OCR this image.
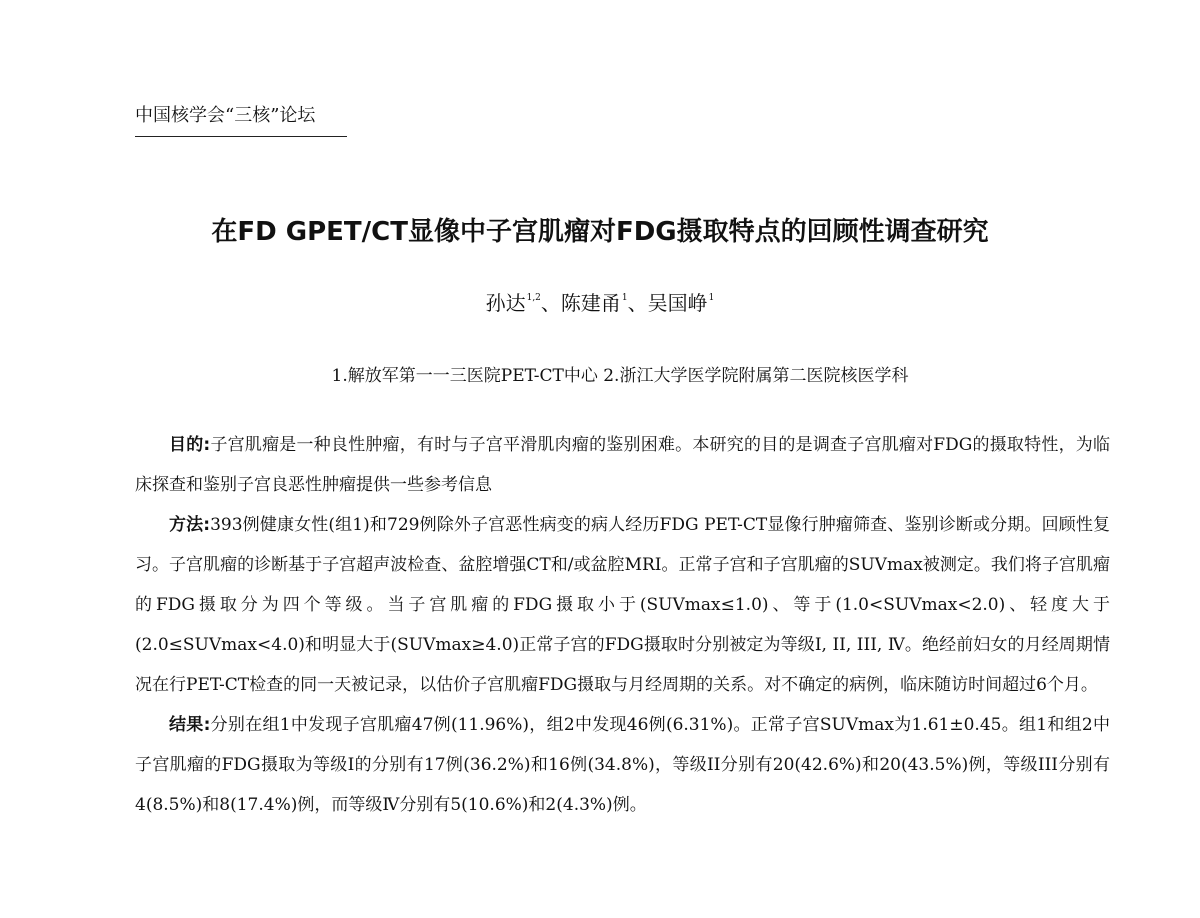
中国核学会“三核”论坛
在FD GPET/CT显像中子宫肌瘤对FDG摄取特点的回顾性调查研究
孙达$^{1,2}$、陈建甬$^1$、吴国峥$^1$
1.解放军第一一三医院PET-CT中心 2.浙江大学医学院附属第二医院核医学科

目的:子宫肌瘤是一种良性肿瘤，有时与子宫平滑肌肉瘤的鉴别困难。本研究的目的是调查子宫肌瘤对FDG的摄取特性，为临床探查和鉴别子宫良恶性肿瘤提供一些参考信息

方法:393例健康女性(组1)和729例除外子宫恶性病变的病人经历FDG PET-CT显像行肿瘤筛查、鉴别诊断或分期。回顾性复习。子宫肌瘤的诊断基于子宫超声波检查、盆腔增强CT和/或盆腔MRI。正常子宫和子宫肌瘤的SUVmax被测定。我们将子宫肌瘤的FDG摄取分为四个等级。当子宫肌瘤的FDG摄取小于(SUVmax≤1.0)、等于(1.0<SUVmax<2.0)、轻度大于(2.0≤SUVmax<4.0)和明显大于(SUVmax≥4.0)正常子宫的FDG摄取时分别被定为等级I, II, III, Ⅳ。绝经前妇女的月经周期情况在行PET-CT检查的同一天被记录，以估价子宫肌瘤FDG摄取与月经周期的关系。对不确定的病例，临床随访时间超过6个月。

结果:分别在组1中发现子宫肌瘤47例(11.96%)，组2中发现46例(6.31%)。正常子宫SUVmax为1.61±0.45。组1和组2中子宫肌瘤的FDG摄取为等级I的分别有17例(36.2%)和16例(34.8%)，等级II分别有20(42.6%)和20(43.5%)例，等级III分别有4(8.5%)和8(17.4%)例，而等级Ⅳ分别有5(10.6%)和2(4.3%)例。
